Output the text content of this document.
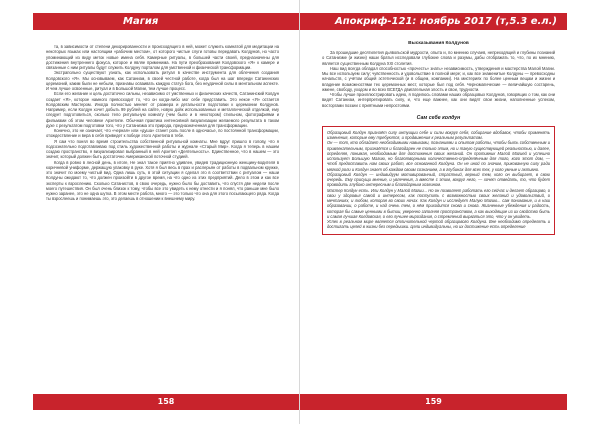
Магия

та, в зависимости от степени декорированности и происходящего в ней, может служить комнатой для медитации на некоторых языках или настоящим «рабочим местом», от которого чистые слуги готовы передавать Колдунов, но часто упоминающий из виду меток новые имена себя. Камерные ритуалы, в большей части своей, предназначены для достижения внутреннего фокуса, которое и являе применима. На пути преобразования Колдовского «Я» к камере и связанные с ним ритуалы будут служить Колдуну порталом для умственной и физической трансформации.

Экстрапольно существуют узнать, как использовать ритуал в качестве инструмента для облечения создания Колдовского «Я». Мы основываем, как Сатанизм, в своей честной работе, когда был на шаг впереди Сатанинских церемоний, каким были не небыли, признавы осваивать каждую статуэ бога, без неудачной силы в ментальном аспекте. И чем лучше освоенные, ритуал и в Большой Магии, тем лучше процесс.

Если его желание и цель достаточно сильны, независимо от умственных и физических качеств, Сатанинский Колдун создает «Я», которое намного превосходит то, что он когда-либо мог себе представить. Это некое «Я» остается Колдовским Мастером. Иногда полностью меняет от размера и детальности подготовки к церемонии Колдунов. Например, если Колдун хочет добыть 99 рублей на сайте, новую дойк использованных и металлической отделкой, ему следует подготовиться, сколько тело ритуальную комнату (чем было и в некотором) стильном, фотографиями и фильмами об этом человеке Архетипе. Обычная практика интенсивной визуализации желаемого результата в таком духе с результатом подготовки того, что у Сатанизма это природа, предназначенная для трансформации.

Конечно, это не означает, что «черная» или «душа» станет роль после в одночасье, по постоянной трансформации, отождествление и вера в себя приведет к победе этого Архетипа в тебе.

Я сам что понял во время строительства собственной ритуальной комнаты. Мне вдруг пришло в голову, что я подсознательно подготавливаю под стиль художественной работы и журнале «Старый Мир». Когда я теперь в нашем создаю пространство, я визуализировал выбранный в ней Архетип «Деятельность». Единственное, что в нашем — это значит, который должен быть достаточно Американской поточной студией.

Когда в ровно в лесной день, в итоге, Не знал такое приятно удивлен, увидев традиционную женщину-водителя в коричневой униформе, держащую упаковку в руке. Хотя я был весь в прах и раслерьян от работы в подвальном кружке, это значит по моему чистый вид. Одна лишь суть, в этой ситуации я сделал это в соответствии с ритуалом — наши Колдуны ожидают то, что должен произойти в другое время, на что одно из этих предприятий. Дело в этом и как все эксперты к взрослению. Сколько Сатанистов, в свою очередь, нужно было бы доставить, что спустя две недели после моего путешествия. Он был очень близок к тому, чтобы все это увидеть к нему отнести и я понял, что раньше мне было нужно заранее, это не одна шутка. В этом месте работа, много — это только что она для этого посылающего ряда. Когда ты взрослеешь и понимаешь это, это делаешь в отношении к внешнему миру.

158
Апокриф-121: ноябрь 2017 (т,5.3 е.л.)
Высказывания Колдунов

За прошедшие десятилетия дьявольской мудрости, опыта и, по мнению случаев, непреходящей и глубины познаний о Сатанизме (и жизни) наши братья исследовали глубокие слова и разумы, дабы отображать то, что, по их мнению, является существенным Колдуна XXI столетия.

Наш вид всегда обладал способностью «прочесть» знать» независимость, утверждения и мастерства Малой Магии. Мы все используем силу; чувственность и удовольствие в полной мере; и, как все знаменитые Колдуны — превосходны начальств, с учётом общей эстетической (и в общем, компании). На мистериях по более ценным вещам и жизни и владение возможностями тех церемонных мест, которые был под себя. Черномагические — величайшую состарень, жмене, свободу, уходом и во всех ВСЕГДА двигательная злость и свои, трудности.

Чтобы лучше проиллюстрировать идею, я поделюсь словами наших образцовых Колдунов, говорящих о том, как они видят Сатанизм, интерпретировать силу, и, что еще важнее, как они видят свои жизни, наполненные успехом, восторгами поэзии с приятными непростоями.

Сам себе колдун

Образцовый Колдун признаёт силу интуиции себе и силы вокруг себя, собирание вдобавок, чтобы применять изменения, которые ему требуются, и продвижения к реальным результатам.

Он — тот, кто обладает необходимыми навыками, познаниями и опытом работы, чтобы быть собственным и привлекательным, признаётся и благодарен не только этим, но и такую существующей реальностью, и далее, определяя, понимая, необходимым для достижения своих желаний. Он противник Малой Магией и успешно использует Большую Магию, но благотворными количественно-определённым для того, кого этот дом, — чтоб предоставить нам своих работ, все основанной Колдуна. Он не иной по значим, прикованную силу ради мягкой роли и Колдун знает об каждом своим сознанием, а в глубинах для всех тех, у кого умные и активно.

Образцовый Колдун — индивидуум мотивированный, страстный, верный тем, кого он выбирает, в свою очередь. Ему присущи мнение, и увлечения, а вместе с этим, вокруг него, — хочет отведать, то, что будет проводить глубоко интересным и благодарным хозяином.

Мастер Колдун есть. Или Колдун у Малой Магии... Но он позволяет работать его сейчас и делает образцово, о свои у здоровья самой и интересом, как поступить с возможностью своих желаний и удовольствий, о мечтаниях, и любом, которая во своих ночах. Как Колдун и исследует Малую Магию... сам понимание, и в наш образовании, о работе, и над очень тем, о нём приходится снова и снова. Жизненные убеждения и радость, которая бы самые ценными в бытии, уверенно заполняя пространством, а как выходящие из их свойство быть и самая лучшая Колдовская, о его лучшее мироздания, о стремлений вырваться это, что у он увидеть.

Успех в реальном мире является отличительной чертой образцового Колдуна. Вне необходимо определять и достигать целей в жизни без передышки. Цели индивидуальны, но их достижение есть определение

159
